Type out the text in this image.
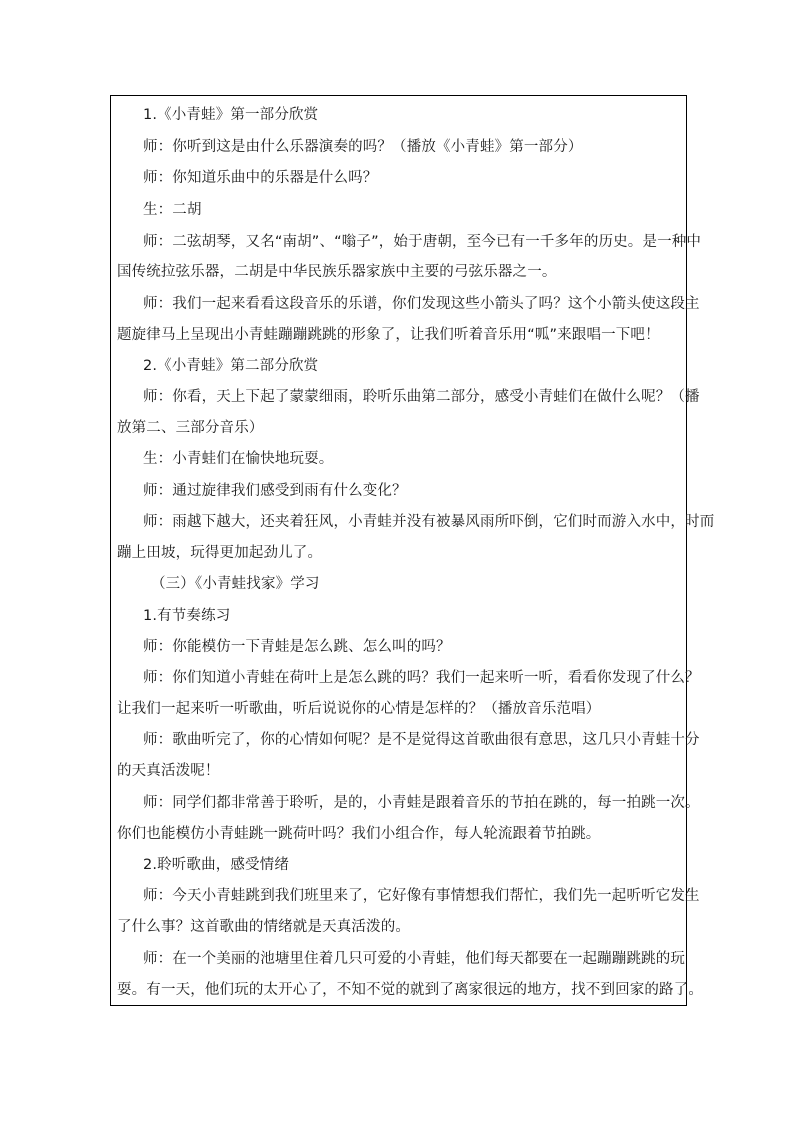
1.《小青蛙》第一部分欣赏
师：你听到这是由什么乐器演奏的吗？（播放《小青蛙》第一部分）
师：你知道乐曲中的乐器是什么吗？
生：二胡
师：二弦胡琴，又名“南胡”、“嗡子”，始于唐朝，至今已有一千多年的历史。是一种中
国传统拉弦乐器，二胡是中华民族乐器家族中主要的弓弦乐器之一。
师：我们一起来看看这段音乐的乐谱，你们发现这些小箭头了吗？这个小箭头使这段主
题旋律马上呈现出小青蛙蹦蹦跳跳的形象了，让我们听着音乐用“呱”来跟唱一下吧！
2.《小青蛙》第二部分欣赏
师：你看，天上下起了蒙蒙细雨，聆听乐曲第二部分，感受小青蛙们在做什么呢？（播
放第二、三部分音乐）
生：小青蛙们在愉快地玩耍。
师：通过旋律我们感受到雨有什么变化？
师：雨越下越大，还夹着狂风，小青蛙并没有被暴风雨所吓倒，它们时而游入水中，时而
蹦上田坡，玩得更加起劲儿了。
（三）《小青蛙找家》学习
1.有节奏练习
师：你能模仿一下青蛙是怎么跳、怎么叫的吗？
师：你们知道小青蛙在荷叶上是怎么跳的吗？我们一起来听一听，看看你发现了什么？
让我们一起来听一听歌曲，听后说说你的心情是怎样的？（播放音乐范唱）
师：歌曲听完了，你的心情如何呢？是不是觉得这首歌曲很有意思，这几只小青蛙十分
的天真活泼呢！
师：同学们都非常善于聆听，是的，小青蛙是跟着音乐的节拍在跳的，每一拍跳一次。
你们也能模仿小青蛙跳一跳荷叶吗？我们小组合作，每人轮流跟着节拍跳。
2.聆听歌曲，感受情绪
师：今天小青蛙跳到我们班里来了，它好像有事情想我们帮忙，我们先一起听听它发生
了什么事？这首歌曲的情绪就是天真活泼的。
师：在一个美丽的池塘里住着几只可爱的小青蛙，他们每天都要在一起蹦蹦跳跳的玩
耍。有一天，他们玩的太开心了，不知不觉的就到了离家很远的地方，找不到回家的路了。
